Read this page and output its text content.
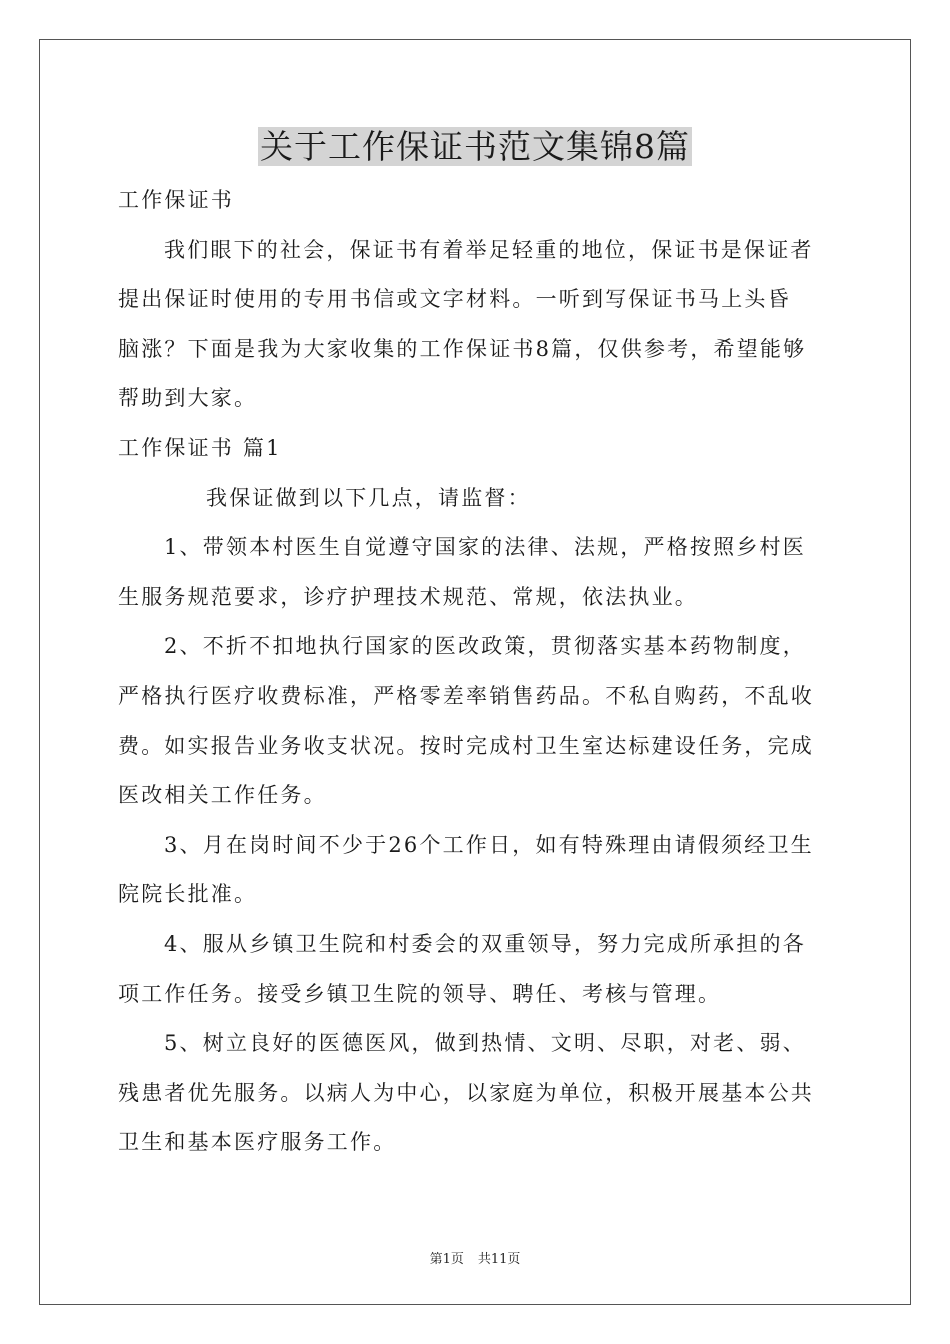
关于工作保证书范文集锦8篇
工作保证书
我们眼下的社会，保证书有着举足轻重的地位，保证书是保证者
提出保证时使用的专用书信或文字材料。一听到写保证书马上头昏
脑涨？下面是我为大家收集的工作保证书8篇，仅供参考，希望能够
帮助到大家。
工作保证书 篇1
我保证做到以下几点，请监督：
1、带领本村医生自觉遵守国家的法律、法规，严格按照乡村医
生服务规范要求，诊疗护理技术规范、常规，依法执业。
2、不折不扣地执行国家的医改政策，贯彻落实基本药物制度，
严格执行医疗收费标准，严格零差率销售药品。不私自购药，不乱收
费。如实报告业务收支状况。按时完成村卫生室达标建设任务，完成
医改相关工作任务。
3、月在岗时间不少于26个工作日，如有特殊理由请假须经卫生
院院长批准。
4、服从乡镇卫生院和村委会的双重领导，努力完成所承担的各
项工作任务。接受乡镇卫生院的领导、聘任、考核与管理。
5、树立良好的医德医风，做到热情、文明、尽职，对老、弱、
残患者优先服务。以病人为中心，以家庭为单位，积极开展基本公共
卫生和基本医疗服务工作。
第1页 共11页
